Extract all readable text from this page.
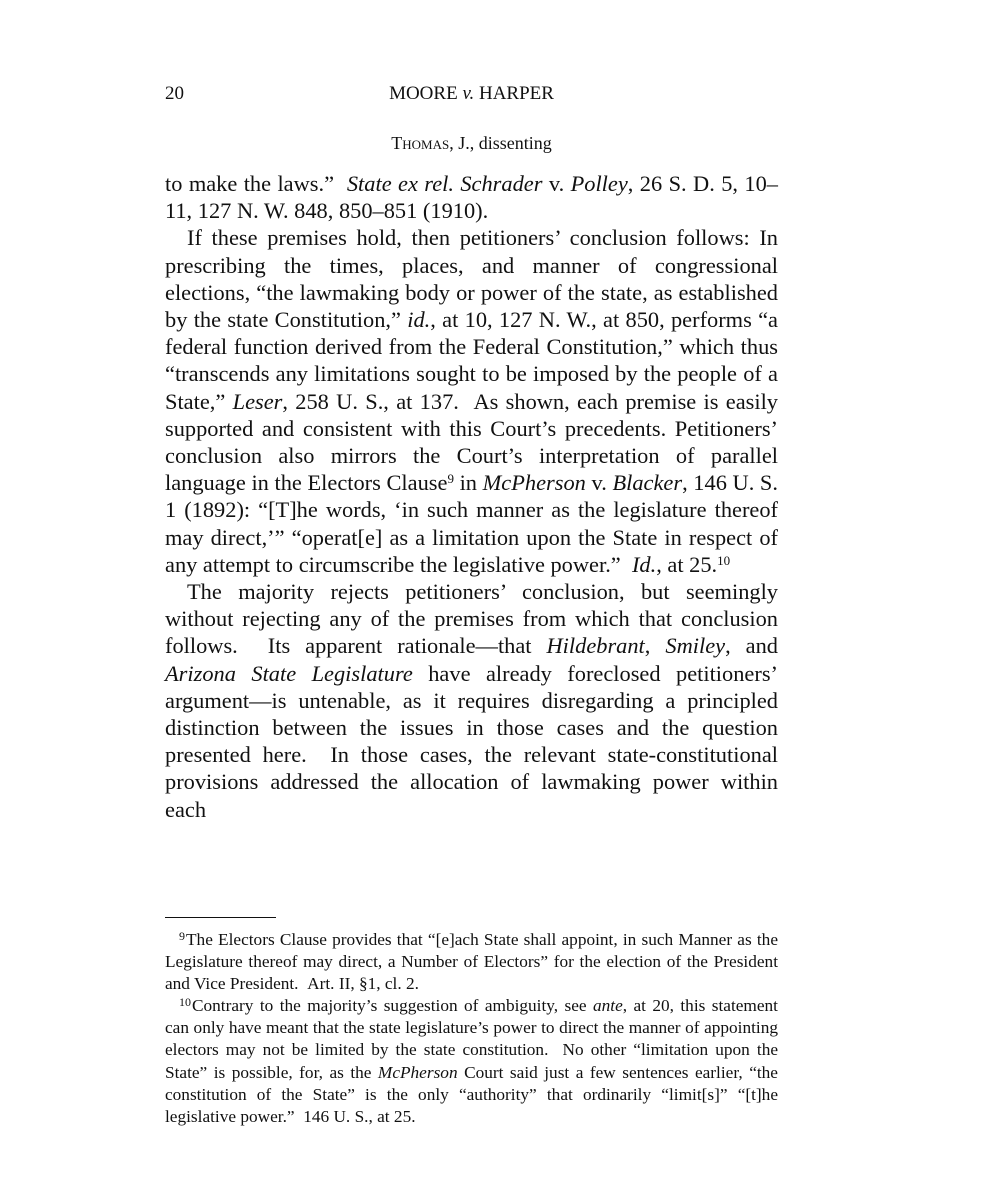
20	MOORE v. HARPER
Thomas, J., dissenting

to make the laws.”  State ex rel. Schrader v. Polley, 26 S. D. 5, 10–11, 127 N. W. 848, 850–851 (1910).

If these premises hold, then petitioners’ conclusion follows: In prescribing the times, places, and manner of congressional elections, “the lawmaking body or power of the state, as established by the state Constitution,” id., at 10, 127 N. W., at 850, performs “a federal function derived from the Federal Constitution,” which thus “transcends any limitations sought to be imposed by the people of a State,” Leser, 258 U. S., at 137.  As shown, each premise is easily supported and consistent with this Court’s precedents. Petitioners’ conclusion also mirrors the Court’s interpretation of parallel language in the Electors Clause$^9$ in McPherson v. Blacker, 146 U. S. 1 (1892): “[T]he words, ‘in such manner as the legislature thereof may direct,’” “operat[e] as a limitation upon the State in respect of any attempt to circumscribe the legislative power.”  Id., at 25.10

The majority rejects petitioners’ conclusion, but seemingly without rejecting any of the premises from which that conclusion follows.  Its apparent rationale—that Hildebrant, Smiley, and Arizona State Legislature have already foreclosed petitioners’ argument—is untenable, as it requires disregarding a principled distinction between the issues in those cases and the question presented here.  In those cases, the relevant state-constitutional provisions addressed the allocation of lawmaking power within each

$^9$The Electors Clause provides that “[e]ach State shall appoint, in such Manner as the Legislature thereof may direct, a Number of Electors” for the election of the President and Vice President.  Art. II, §1, cl. 2.

$^{10}$Contrary to the majority’s suggestion of ambiguity, see ante, at 20, this statement can only have meant that the state legislature’s power to direct the manner of appointing electors may not be limited by the state constitution.  No other “limitation upon the State” is possible, for, as the McPherson Court said just a few sentences earlier, “the constitution of the State” is the only “authority” that ordinarily “limit[s]” “[t]he legislative power.”  146 U. S., at 25.
